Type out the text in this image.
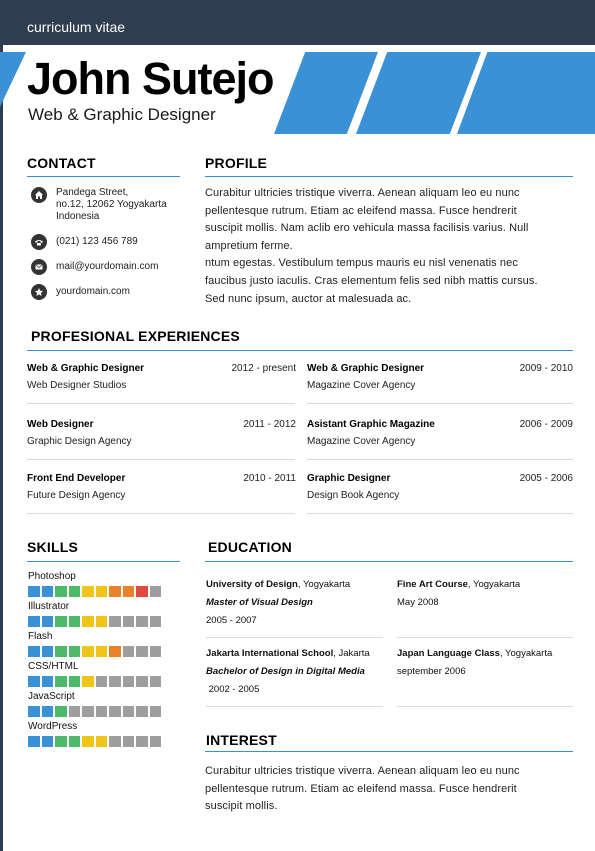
curriculum vitae
John Sutejo
Web & Graphic Designer
CONTACT
Pandega Street,
no.12, 12062 Yogyakarta
Indonesia
(021) 123 456 789
mail@yourdomain.com
yourdomain.com
PROFILE
Curabitur ultricies tristique viverra. Aenean aliquam leo eu nunc
pellentesque rutrum. Etiam ac eleifend massa. Fusce hendrerit
suscipit mollis. Nam aclib ero vehicula massa facilisis varius. Null
ampretium ferme.
ntum egestas. Vestibulum tempus mauris eu nisl venenatis nec
faucibus justo iaculis. Cras elementum felis sed nibh mattis cursus.
Sed nunc ipsum, auctor at malesuada ac.
PROFESIONAL EXPERIENCES
Web & Graphic Designer	2012 - present
Web Designer Studios
Web & Graphic Designer	2009 - 2010
Magazine Cover Agency
Web Designer	2011 - 2012
Graphic Design Agency
Asistant Graphic Magazine	2006 - 2009
Magazine Cover Agency
Front End Developer	2010 - 2011
Future Design Agency
Graphic Designer	2005 - 2006
Design Book Agency
SKILLS
Photoshop
Illustrator
Flash
CSS/HTML
JavaScript
WordPress
EDUCATION
University of Design, Yogyakarta
Master of Visual Design
2005 - 2007
Fine Art Course, Yogyakarta
May 2008
Jakarta International School, Jakarta
Bachelor of Design in Digital Media
2002 - 2005
Japan Language Class, Yogyakarta
september 2006
INTEREST
Curabitur ultricies tristique viverra. Aenean aliquam leo eu nunc
pellentesque rutrum. Etiam ac eleifend massa. Fusce hendrerit
suscipit mollis.
